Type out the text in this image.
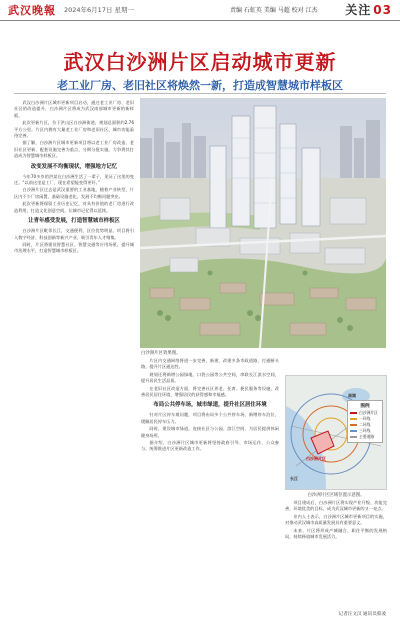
武汉晚報 2024年6月17日 星期一	责编 石虹英 美编 马超 校对 江杰 关注 03
武汉白沙洲片区启动城市更新
老工业厂房、老旧社区将焕然一新，打造成智慧城市样板区

武汉白沙洲片区城市更新项目启动，通过老工业厂房、老旧社区的改造提升，白沙洲片区将成为武汉南部城市更新的新样板。

此次更新片区，位于洪山区白沙洲街道，规划总面积约2.76平方公里。片区内拥有大量老工业厂房和老旧社区，城市功能亟待完善。

据了解，白沙洲片区城市更新项目将以老工业厂房改造、老旧社区更新、配套设施完善为重点，分期分批实施，力争将其打造成为智慧城市样板区。

改变发展不均衡现状，增强地方记忆

今年70多岁的洪某在白沙洲生活了一辈子，见证了这里的变迁。“以前这里是工厂，现在希望能变得更好。”

白沙洲片区过去是武汉重要的工业基地，随着产业转型，片区内不少厂房闲置，基础设施老化，发展不均衡问题突出。

此次更新将保留工业历史记忆，对具有价值的老厂房进行改造利用，打造文化创意空间，让城市记忆得以延续。

让青年感受发展，打造智慧城市样板区

白沙洲片区毗邻长江，交通便利，区位优势明显。项目将引入数字经济、科技创新等新兴产业，吸引青年人才聚集。

同时，片区将建设智慧社区、智慧交通等应用场景，提升城市治理水平，打造智慧城市样板区。

白沙洲片区效果图。

片区内交通网络将进一步完善，新建、改建多条市政道路，打通断头路，提升片区通达性。

规划还将新增公园绿地、口袋公园等公共空间，串联长江滨水空间，提升居民生活品质。

在老旧社区改造方面，将完善社区养老、托育、便民服务等设施，改善居民居住环境，增强居民的获得感和幸福感。

布局公共停车场，城市绿道，提升社区居住环境

针对片区停车难问题，项目将布局多个公共停车场，新增停车泊位，缓解居民停车压力。

同时，建设城市绿道，连接社区与公园、滨江空间，为居民提供休闲健身场所。

据介绍，白沙洲片区城市更新将坚持政府引导、市场运作、公众参与，统筹推进片区更新改造工作。

南湖
白沙洲片区
长江
图例
白沙洲片区
一环线
二环线
三环线
主要道路
白沙洲片区区域位置示意图。

项目建成后，白沙洲片区将实现产业升级、功能完善、环境优美的目标，成为武汉城市更新的又一亮点。

业内人士表示，白沙洲片区城市更新项目的实施，对推动武汉城市高质量发展具有重要意义。

未来，片区将形成产城融合、职住平衡的发展格局，持续释放城市发展活力。

记者汪文汉 通讯员蔡凌
